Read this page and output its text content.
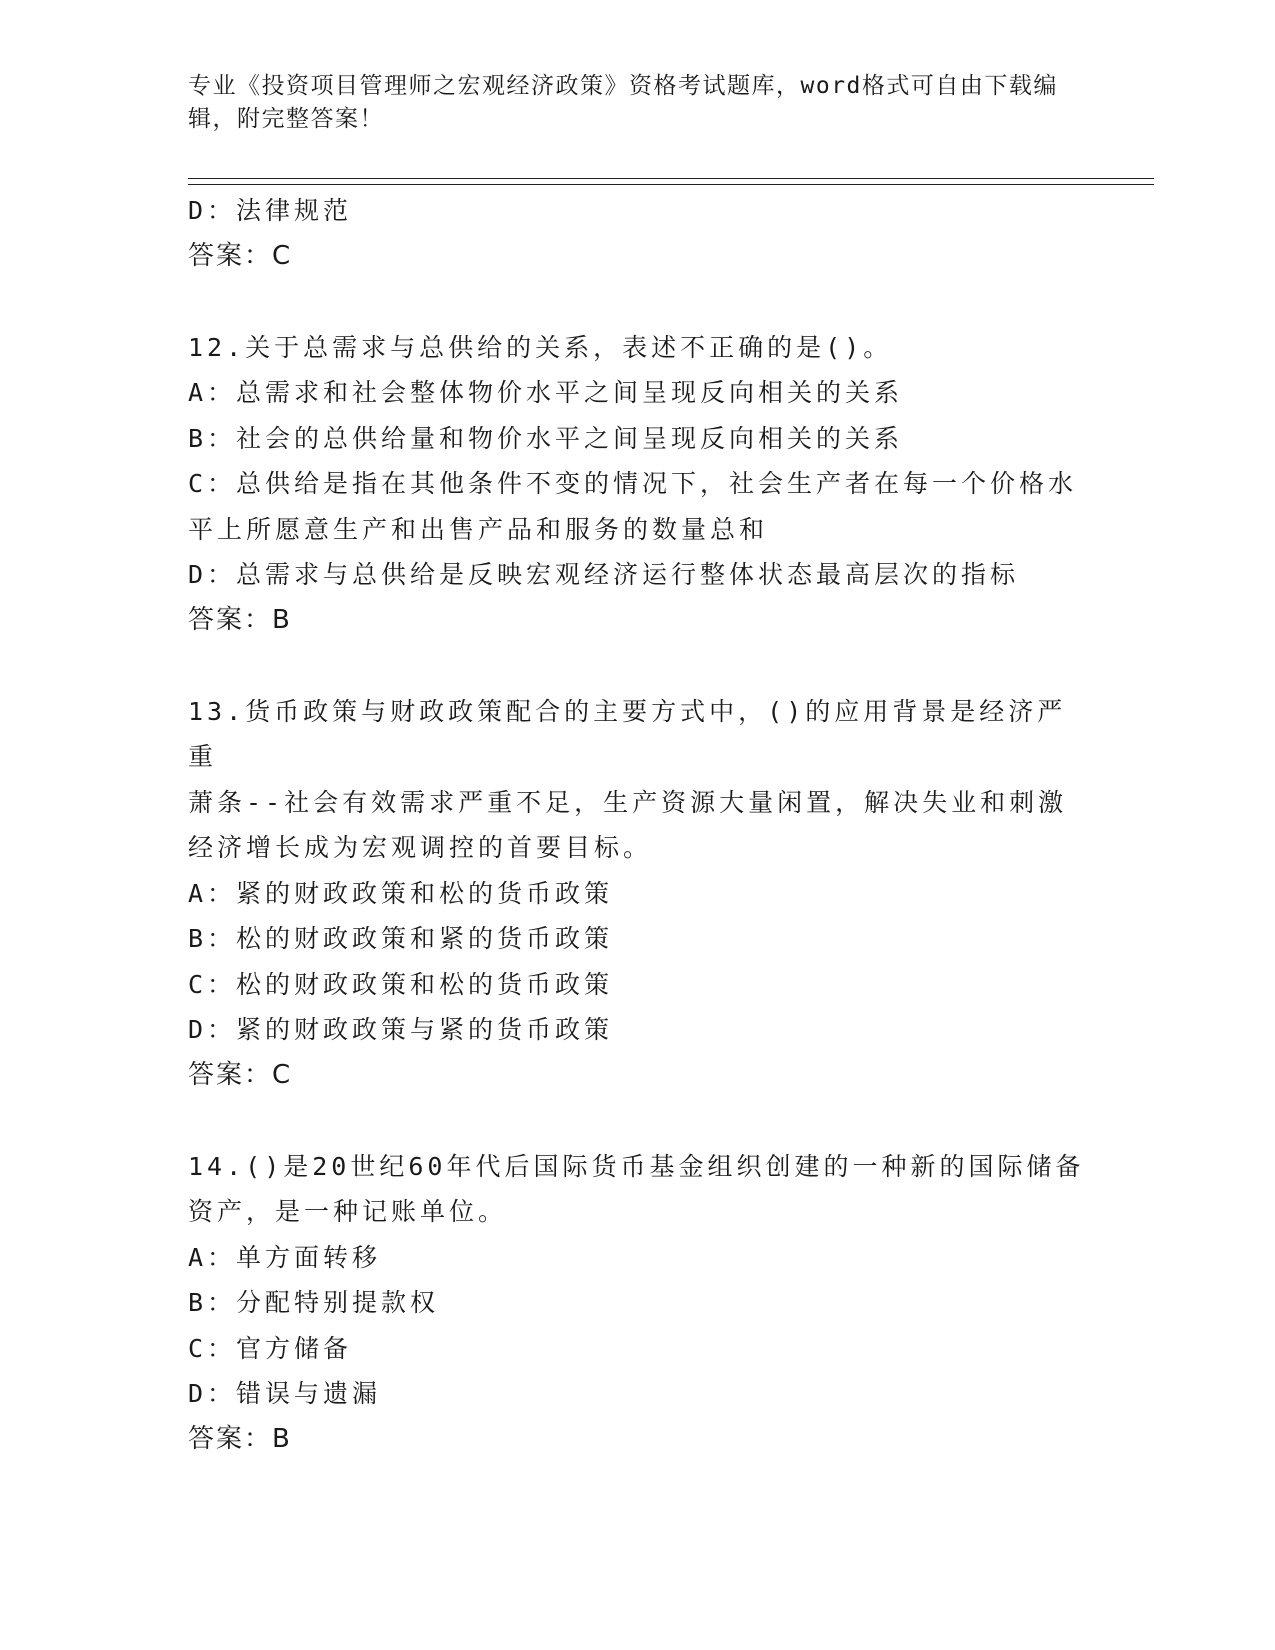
专业《投资项目管理师之宏观经济政策》资格考试题库，word格式可自由下载编
辑，附完整答案！
D：法律规范
答案：C
12.关于总需求与总供给的关系，表述不正确的是()。
A：总需求和社会整体物价水平之间呈现反向相关的关系
B：社会的总供给量和物价水平之间呈现反向相关的关系
C：总供给是指在其他条件不变的情况下，社会生产者在每一个价格水
平上所愿意生产和出售产品和服务的数量总和
D：总需求与总供给是反映宏观经济运行整体状态最高层次的指标
答案：B
13.货币政策与财政政策配合的主要方式中，()的应用背景是经济严重
萧条--社会有效需求严重不足，生产资源大量闲置，解决失业和刺激
经济增长成为宏观调控的首要目标。
A：紧的财政政策和松的货币政策
B：松的财政政策和紧的货币政策
C：松的财政政策和松的货币政策
D：紧的财政政策与紧的货币政策
答案：C
14.()是20世纪60年代后国际货币基金组织创建的一种新的国际储备
资产，是一种记账单位。
A：单方面转移
B：分配特别提款权
C：官方储备
D：错误与遗漏
答案：B
